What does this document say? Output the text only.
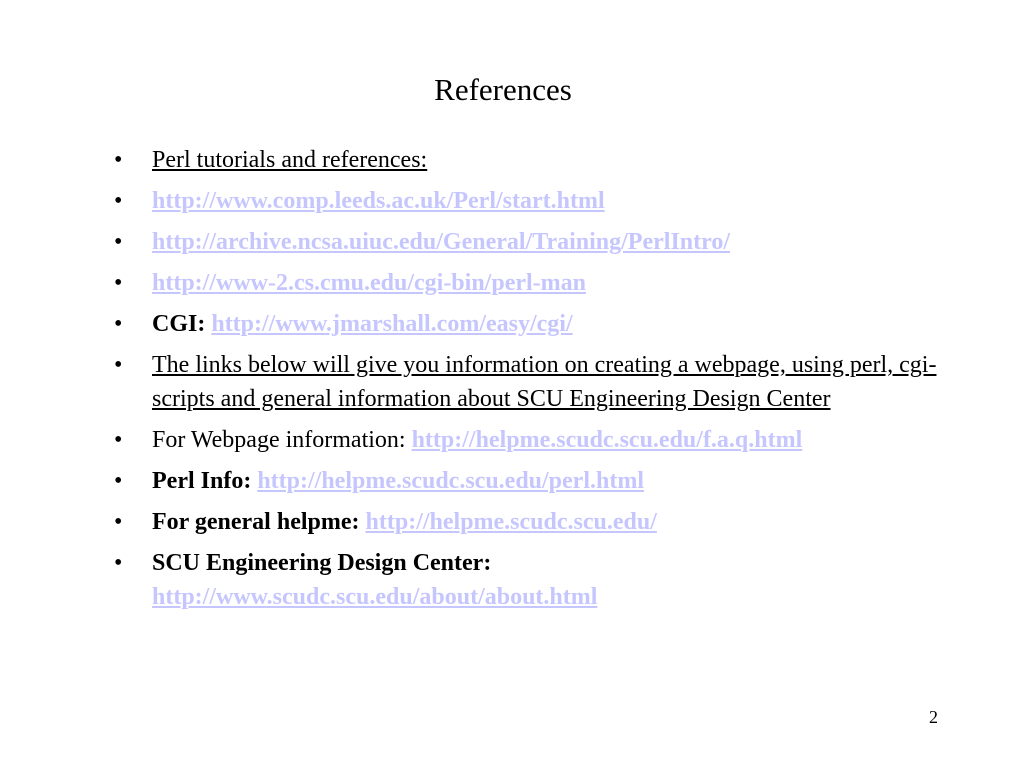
References
• Perl tutorials and references:
• http://www.comp.leeds.ac.uk/Perl/start.html
• http://archive.ncsa.uiuc.edu/General/Training/PerlIntro/
• http://www-2.cs.cmu.edu/cgi-bin/perl-man
• CGI: http://www.jmarshall.com/easy/cgi/
• The links below will give you information on creating a webpage, using perl, cgi-scripts and general information about SCU Engineering Design Center
• For Webpage information: http://helpme.scudc.scu.edu/f.a.q.html
• Perl Info: http://helpme.scudc.scu.edu/perl.html
• For general helpme: http://helpme.scudc.scu.edu/
• SCU Engineering Design Center:
http://www.scudc.scu.edu/about/about.html
2
